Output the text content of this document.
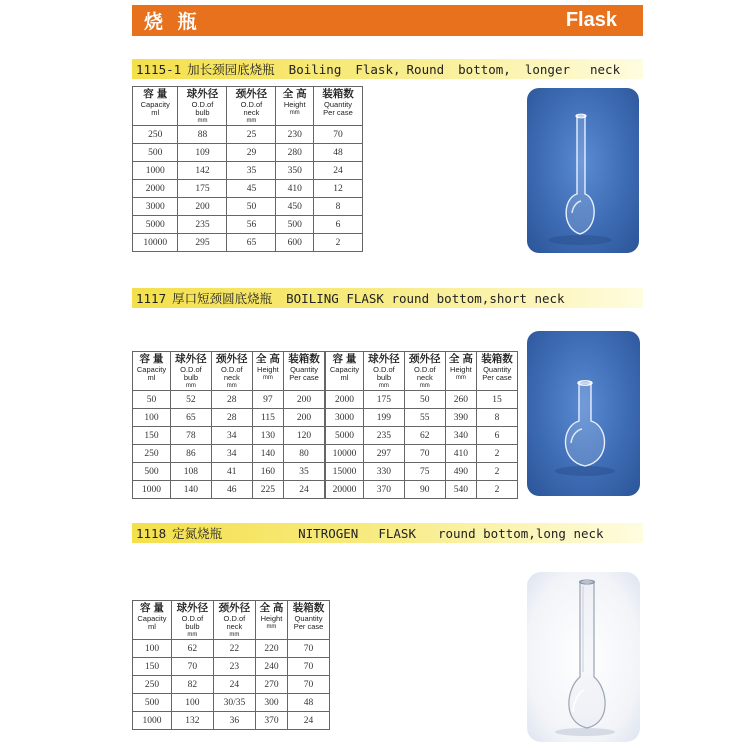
烧 瓶	Flask
1115-1 加长颈园底烧瓶 Boiling Flask, Round bottom, longer neck
容 量
Capacity
ml	球外径
O.D.of
bulb
mm	颈外径
O.D.of
neck
mm	全 高
Height
mm	装箱数
Quantity
Per case

250	88	25	230	70
500	109	29	280	48
1000	142	35	350	24
2000	175	45	410	12
3000	200	50	450	8
5000	235	56	500	6
10000	295	65	600	2
1117 厚口短颈圆底烧瓶 BOILING FLASK round bottom,short neck
容 量
Capacity
ml	球外径
O.D.of
bulb
mm	颈外径
O.D.of
neck
mm	全 高
Height
mm	装箱数
Quantity
Per case

50	52	28	97	200
100	65	28	115	200
150	78	34	130	120
250	86	34	140	80
500	108	41	160	35
1000	140	46	225	24
容 量
Capacity
ml	球外径
O.D.of
bulb
mm	颈外径
O.D.of
neck
mm	全 高
Height
mm	装箱数
Quantity
Per case

2000	175	50	260	15
3000	199	55	390	8
5000	235	62	340	6
10000	297	70	410	2
15000	330	75	490	2
20000	370	90	540	2
1118 定氮烧瓶	NITROGEN FLASK round bottom,long neck
容 量
Capacity
ml	球外径
O.D.of
bulb
mm	颈外径
O.D.of
neck
mm	全 高
Height
mm	装箱数
Quantity
Per case

100	62	22	220	70
150	70	23	240	70
250	82	24	270	70
500	100	30/35	300	48
1000	132	36	370	24
